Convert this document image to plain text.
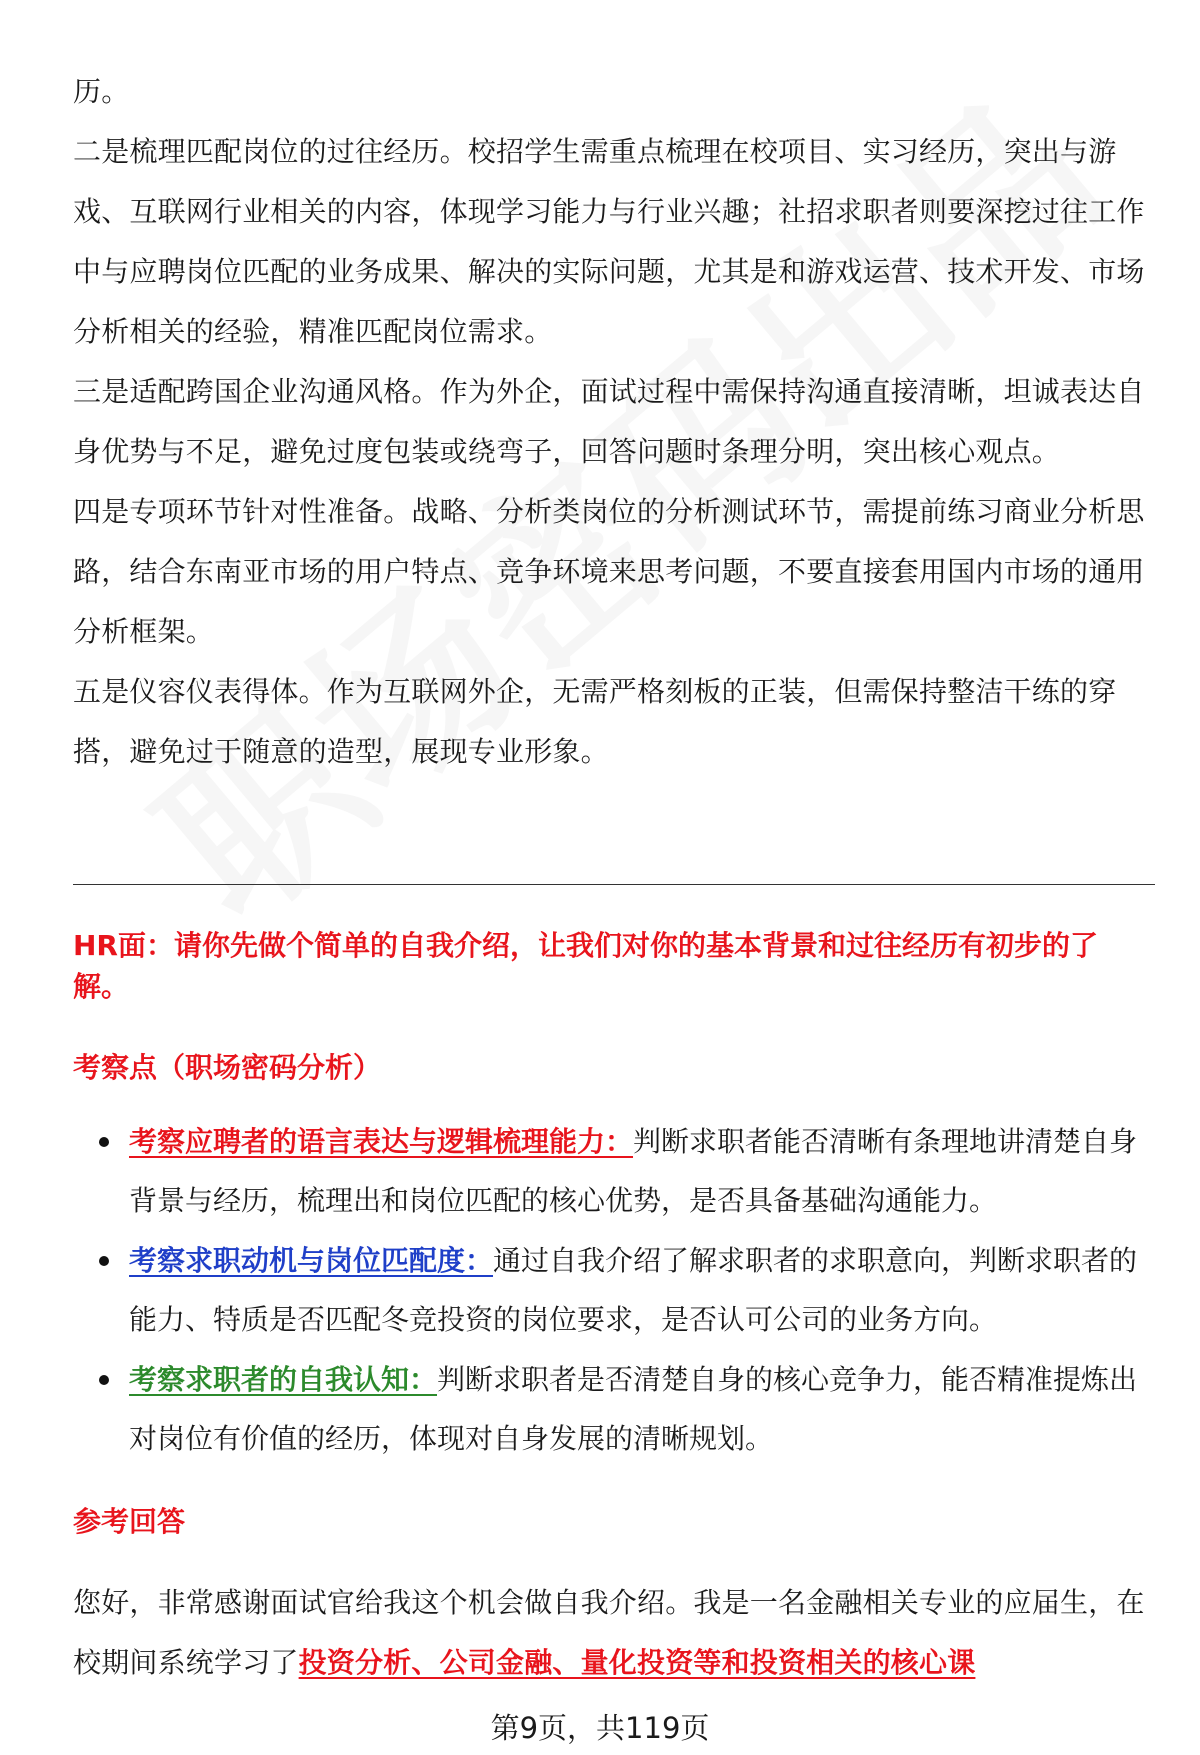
历。

二是梳理匹配岗位的过往经历。校招学生需重点梳理在校项目、实习经历，突出与游戏、互联网行业相关的内容，体现学习能力与行业兴趣；社招求职者则要深挖过往工作中与应聘岗位匹配的业务成果、解决的实际问题，尤其是和游戏运营、技术开发、市场分析相关的经验，精准匹配岗位需求。

三是适配跨国企业沟通风格。作为外企，面试过程中需保持沟通直接清晰，坦诚表达自身优势与不足，避免过度包装或绕弯子，回答问题时条理分明，突出核心观点。

四是专项环节针对性准备。战略、分析类岗位的分析测试环节，需提前练习商业分析思路，结合东南亚市场的用户特点、竞争环境来思考问题，不要直接套用国内市场的通用分析框架。

五是仪容仪表得体。作为互联网外企，无需严格刻板的正装，但需保持整洁干练的穿搭，避免过于随意的造型，展现专业形象。

HR面：请你先做个简单的自我介绍，让我们对你的基本背景和过往经历有初步的了解。

考察点（职场密码分析）

考察应聘者的语言表达与逻辑梳理能力：判断求职者能否清晰有条理地讲清楚自身背景与经历，梳理出和岗位匹配的核心优势，是否具备基础沟通能力。
考察求职动机与岗位匹配度：通过自我介绍了解求职者的求职意向，判断求职者的能力、特质是否匹配冬竞投资的岗位要求，是否认可公司的业务方向。
考察求职者的自我认知：判断求职者是否清楚自身的核心竞争力，能否精准提炼出对岗位有价值的经历，体现对自身发展的清晰规划。

参考回答

您好，非常感谢面试官给我这个机会做自我介绍。我是一名金融相关专业的应届生，在校期间系统学习了投资分析、公司金融、量化投资等和投资相关的核心课

第9页，共119页
